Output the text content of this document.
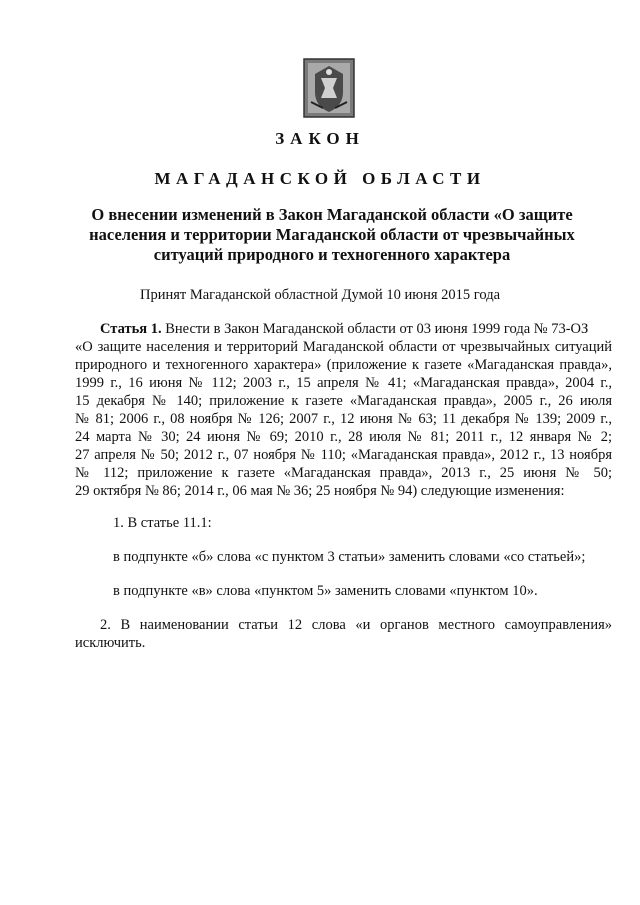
ЗАКОН
МАГАДАНСКОЙ ОБЛАСТИ
О внесении изменений в Закон Магаданской области «О защите
населения и территории Магаданской области от чрезвычайных
ситуаций природного и техногенного характера
Принят Магаданской областной Думой 10 июня 2015 года
Статья 1. Внести в Закон Магаданской области от 03 июня 1999 года № 73-ОЗ
«О защите населения и территорий Магаданской области от чрезвычайных ситуаций
природного и техногенного характера» (приложение к газете «Магаданская правда»,
1999 г., 16 июня № 112; 2003 г., 15 апреля № 41; «Магаданская правда», 2004 г.,
15 декабря № 140; приложение к газете «Магаданская правда», 2005 г., 26 июля
№ 81; 2006 г., 08 ноября № 126; 2007 г., 12 июня № 63; 11 декабря № 139; 2009 г.,
24 марта № 30; 24 июня № 69; 2010 г., 28 июля № 81; 2011 г., 12 января № 2;
27 апреля № 50; 2012 г., 07 ноября № 110; «Магаданская правда», 2012 г., 13 ноября
№ 112; приложение к газете «Магаданская правда», 2013 г., 25 июня № 50;
29 октября № 86; 2014 г., 06 мая № 36; 25 ноября № 94) следующие изменения:
1. В статье 11.1:
в подпункте «б» слова «с пунктом 3 статьи» заменить словами «со статьей»;
в подпункте «в» слова «пунктом 5» заменить словами «пунктом 10».
2. В наименовании статьи 12 слова «и органов местного самоуправления»
исключить.
